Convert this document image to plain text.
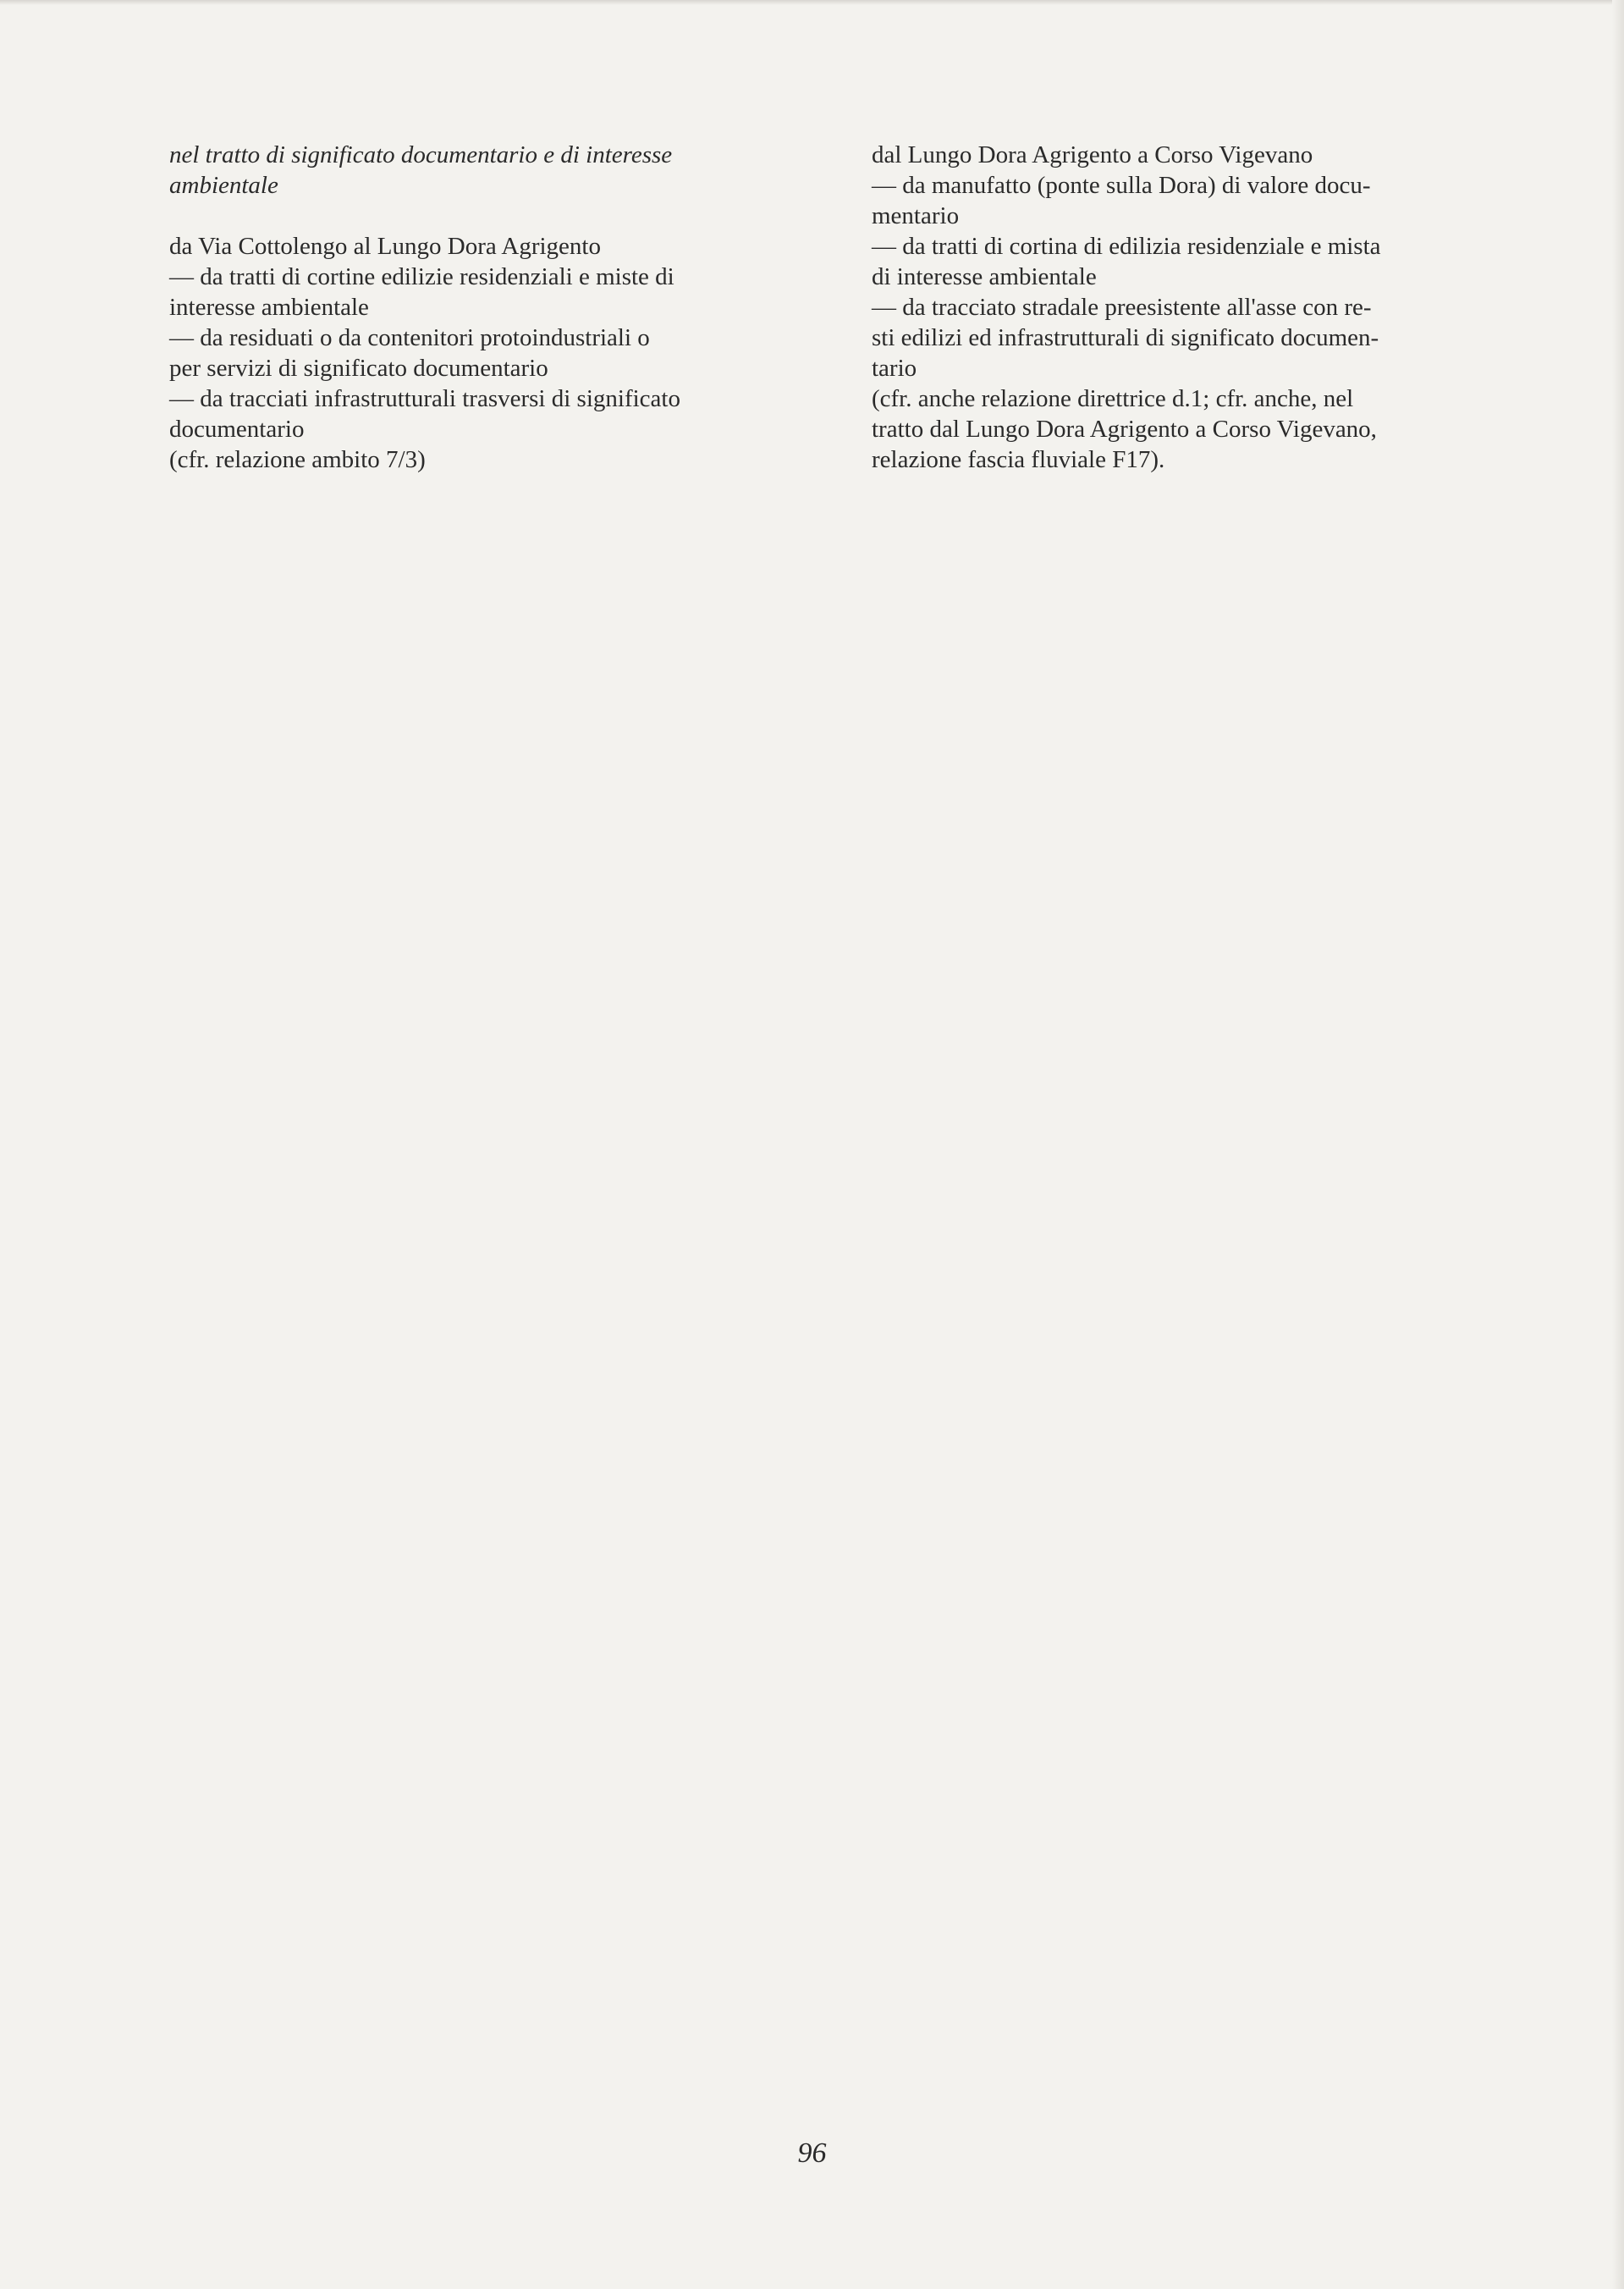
nel tratto di significato documentario e di interesse
ambientale
da Via Cottolengo al Lungo Dora Agrigento
— da tratti di cortine edilizie residenziali e miste di
interesse ambientale
— da residuati o da contenitori protoindustriali o
per servizi di significato documentario
— da tracciati infrastrutturali trasversi di significato
documentario
(cfr. relazione ambito 7/3)
dal Lungo Dora Agrigento a Corso Vigevano
— da manufatto (ponte sulla Dora) di valore docu-
mentario
— da tratti di cortina di edilizia residenziale e mista
di interesse ambientale
— da tracciato stradale preesistente all'asse con re-
sti edilizi ed infrastrutturali di significato documen-
tario
(cfr. anche relazione direttrice d.1; cfr. anche, nel
tratto dal Lungo Dora Agrigento a Corso Vigevano,
relazione fascia fluviale F17).
96
